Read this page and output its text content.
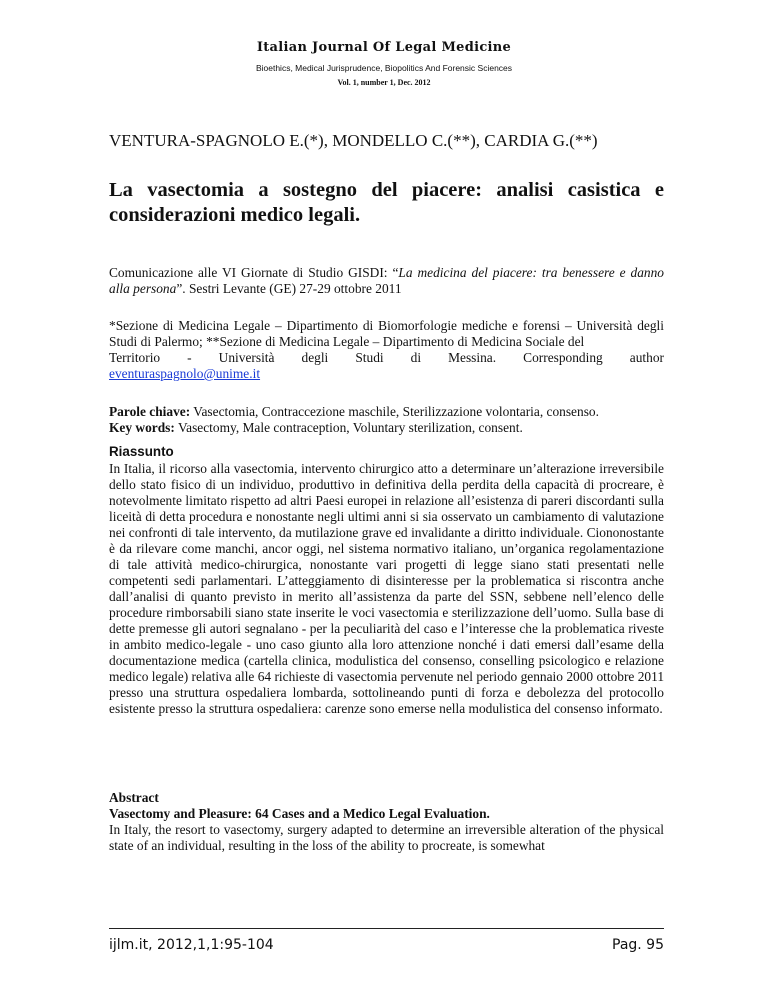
Italian Journal Of Legal Medicine
Bioethics, Medical Jurisprudence, Biopolitics And Forensic Sciences
Vol. 1, number 1, Dec. 2012
VENTURA-SPAGNOLO E.(*), MONDELLO C.(**), CARDIA G.(**)
La vasectomia a sostegno del piacere: analisi casistica e considerazioni medico legali.
Comunicazione alle VI Giornate di Studio GISDI: “La medicina del piacere: tra benessere e danno alla persona”. Sestri Levante (GE) 27-29 ottobre 2011
*Sezione di Medicina Legale – Dipartimento di Biomorfologie mediche e forensi – Università degli Studi di Palermo; **Sezione di Medicina Legale – Dipartimento di Medicina Sociale del
Territorio - Università degli Studi di Messina. Corresponding author
eventuraspagnolo@unime.it
Parole chiave: Vasectomia, Contraccezione maschile, Sterilizzazione volontaria, consenso.
Key words: Vasectomy, Male contraception, Voluntary sterilization, consent.
Riassunto
In Italia, il ricorso alla vasectomia, intervento chirurgico atto a determinare un’alterazione irreversibile dello stato fisico di un individuo, produttivo in definitiva della perdita della capacità di procreare, è notevolmente limitato rispetto ad altri Paesi europei in relazione all’esistenza di pareri discordanti sulla liceità di detta procedura e nonostante negli ultimi anni si sia osservato un cambiamento di valutazione nei confronti di tale intervento, da mutilazione grave ed invalidante a diritto individuale. Ciononostante è da rilevare come manchi, ancor oggi, nel sistema normativo italiano, un’organica regolamentazione di tale attività medico-chirurgica, nonostante vari progetti di legge siano stati presentati nelle competenti sedi parlamentari. L’atteggiamento di disinteresse per la problematica si riscontra anche dall’analisi di quanto previsto in merito all’assistenza da parte del SSN, sebbene nell’elenco delle procedure rimborsabili siano state inserite le voci vasectomia e sterilizzazione dell’uomo. Sulla base di dette premesse gli autori segnalano - per la peculiarità del caso e l’interesse che la problematica riveste in ambito medico-legale - uno caso giunto alla loro attenzione nonché i dati emersi dall’esame della documentazione medica (cartella clinica, modulistica del consenso, conselling psicologico e relazione medico legale) relativa alle 64 richieste di vasectomia pervenute nel periodo gennaio 2000 ottobre 2011 presso una struttura ospedaliera lombarda, sottolineando punti di forza e debolezza del protocollo esistente presso la struttura ospedaliera: carenze sono emerse nella modulistica del consenso informato.
Abstract
Vasectomy and Pleasure: 64 Cases and a Medico Legal Evaluation.
In Italy, the resort to vasectomy, surgery adapted to determine an irreversible alteration of the physical state of an individual, resulting in the loss of the ability to procreate, is somewhat
ijlm.it, 2012,1,1:95-104	Pag. 95
